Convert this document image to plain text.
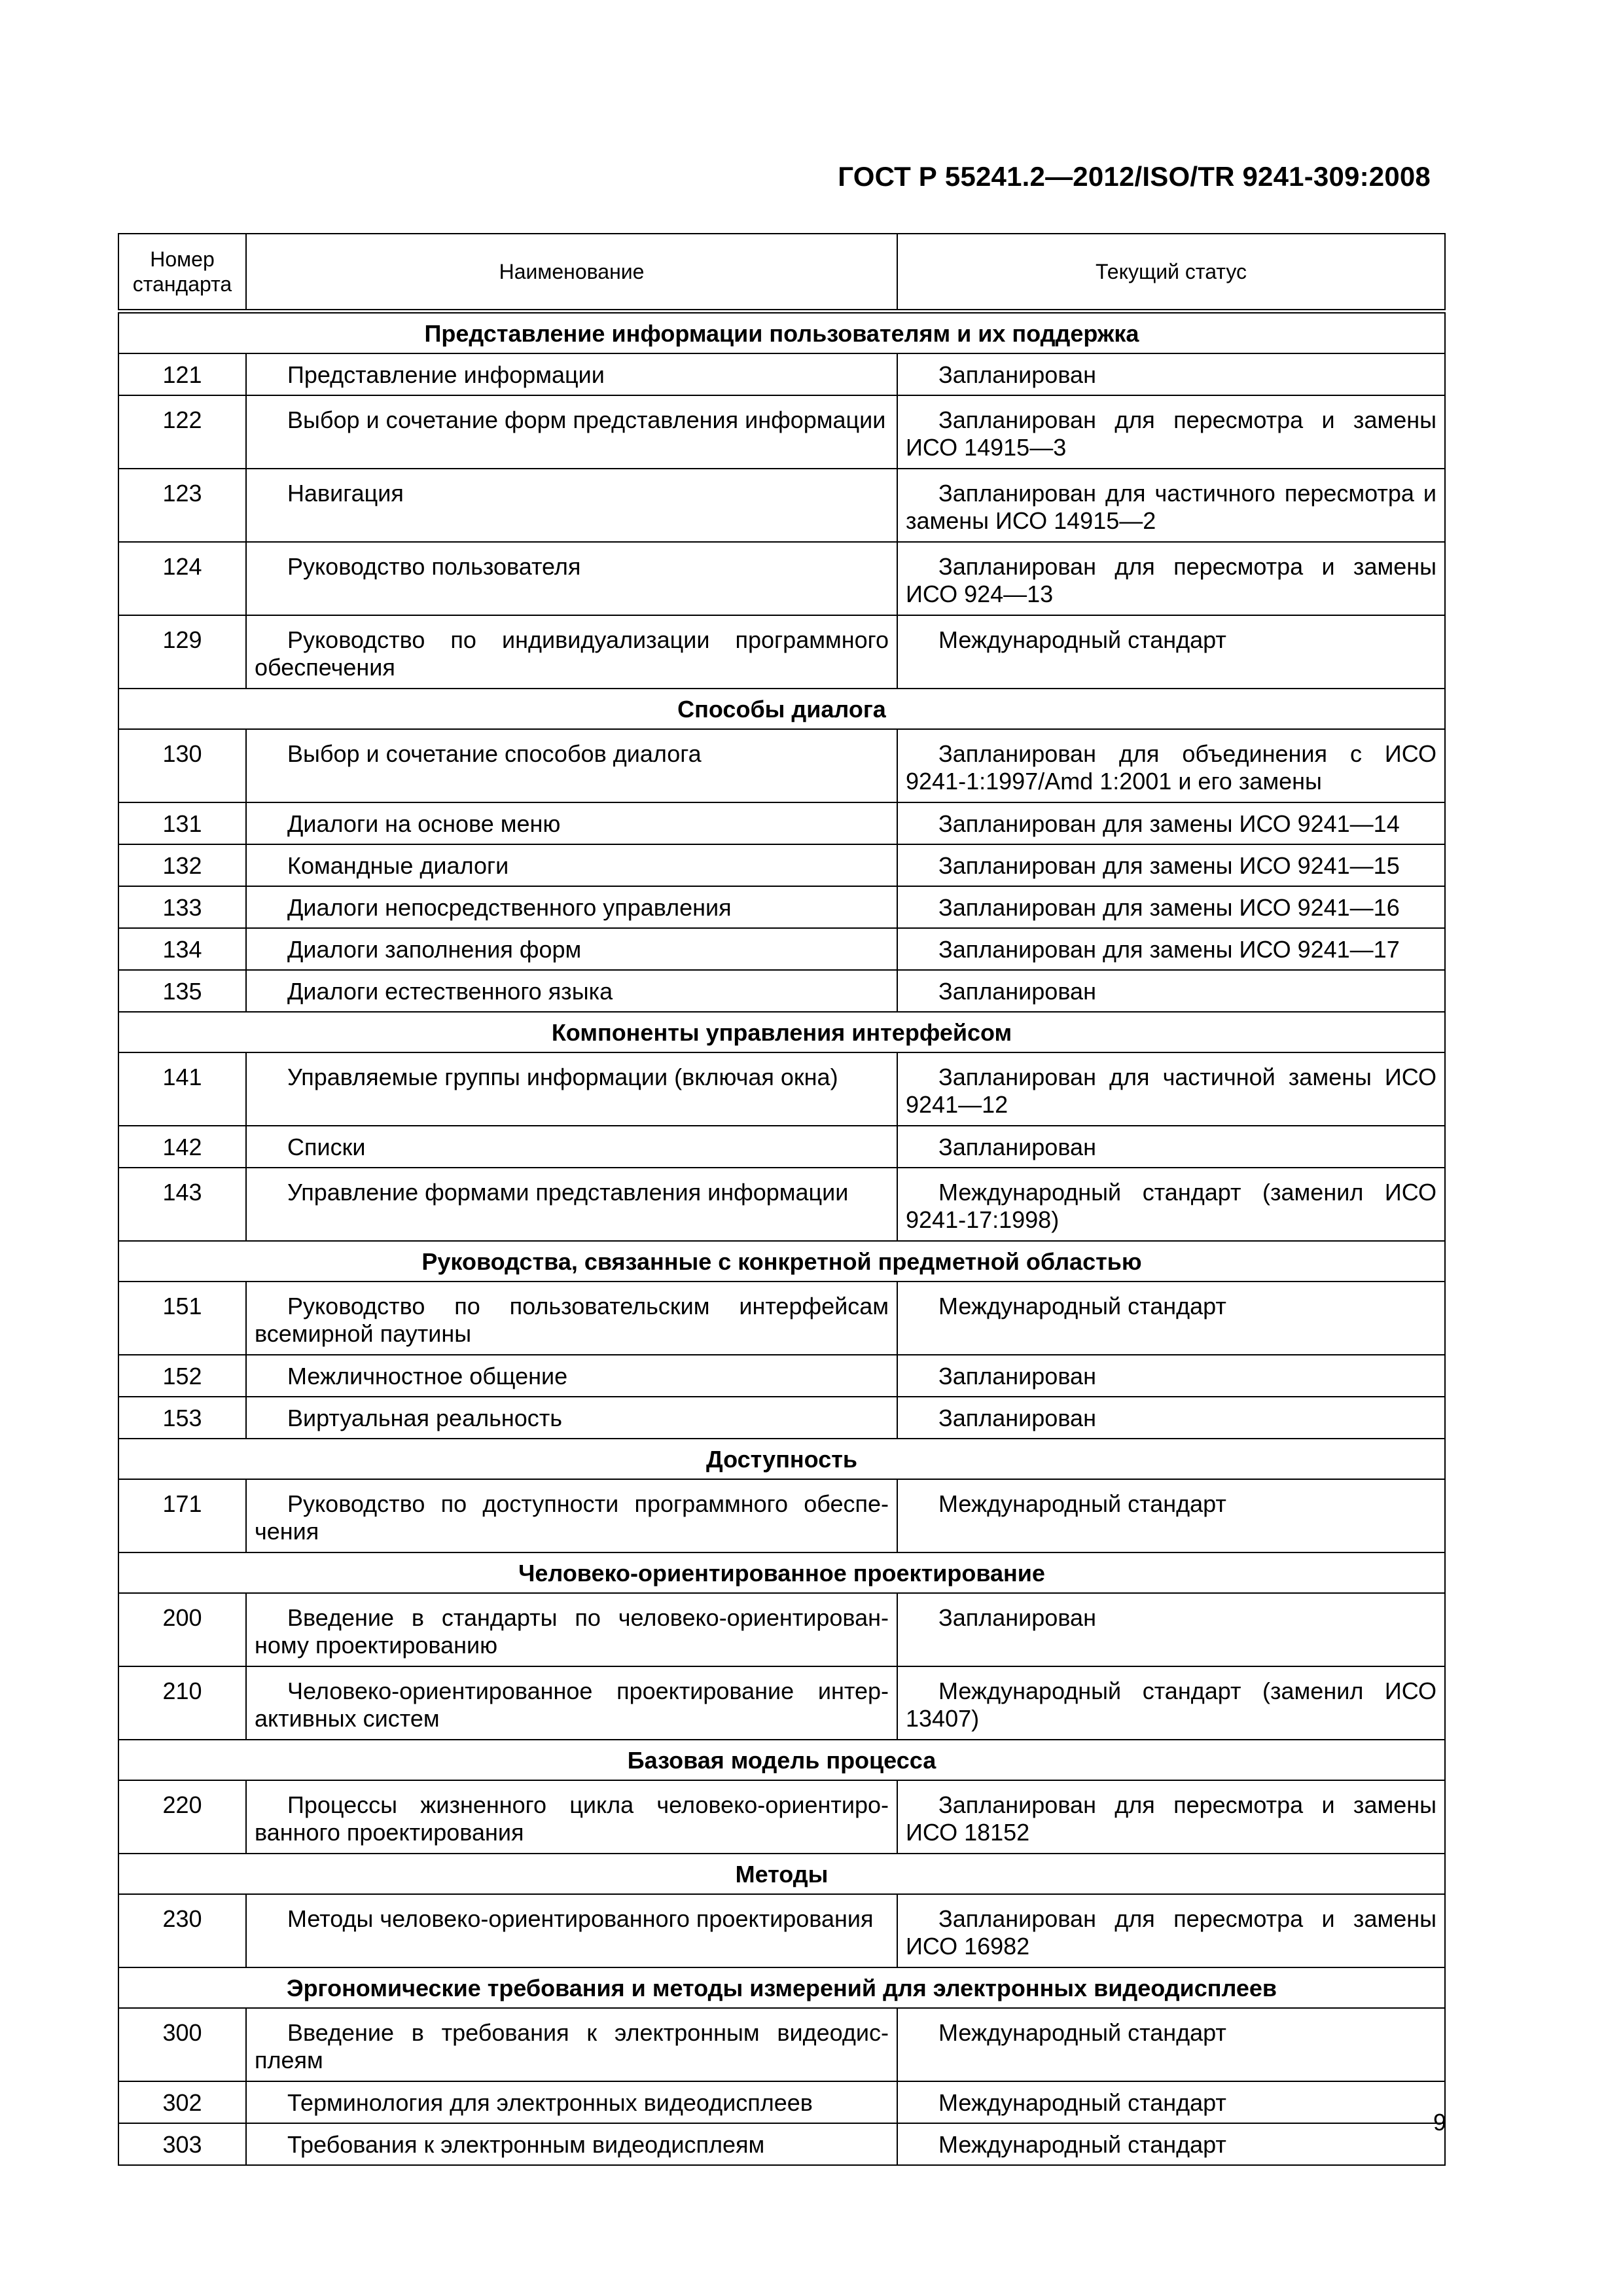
ГОСТ Р 55241.2—2012/ISO/TR 9241-309:2008
Номер
стандарта	Наименование	Текущий статус
Представление информации пользователям и их поддержка		
121	Представление информации	Запланирован
122	Выбор и сочетание форм представления информации	Запланирован для пересмотра и замены ИСО 14915—3
123	Навигация	Запланирован для частичного пересмотра и замены ИСО 14915—2
124	Руководство пользователя	Запланирован для пересмотра и замены ИСО 924—13
129	Руководство по индивидуализации программного обеспечения	Международный стандарт
Способы диалога		
130	Выбор и сочетание способов диалога	Запланирован для объединения с ИСО 9241-1:1997/Amd 1:2001 и его замены
131	Диалоги на основе меню	Запланирован для замены ИСО 9241—14
132	Командные диалоги	Запланирован для замены ИСО 9241—15
133	Диалоги непосредственного управления	Запланирован для замены ИСО 9241—16
134	Диалоги заполнения форм	Запланирован для замены ИСО 9241—17
135	Диалоги естественного языка	Запланирован
Компоненты управления интерфейсом		
141	Управляемые группы информации (включая окна)	Запланирован для частичной замены ИСО 9241—12
142	Списки	Запланирован
143	Управление формами представления информации	Международный стандарт (заменил ИСО 9241-17:1998)
Руководства, связанные с конкретной предметной областью		
151	Руководство по пользовательским интерфейсам всемирной паутины	Международный стандарт
152	Межличностное общение	Запланирован
153	Виртуальная реальность	Запланирован
Доступность		
171	Руководство по доступности программного обеспечения	Международный стандарт
Человеко-ориентированное проектирование		
200	Введение в стандарты по человеко-ориентированному проектированию	Запланирован
210	Человеко-ориентированное проектирование интерактивных систем	Международный стандарт (заменил ИСО 13407)
Базовая модель процесса		
220	Процессы жизненного цикла человеко-ориентированного проектирования	Запланирован для пересмотра и замены ИСО 18152
Методы		
230	Методы человеко-ориентированного проектирования	Запланирован для пересмотра и замены ИСО 16982
Эргономические требования и методы измерений для электронных видеодисплеев		
300	Введение в требования к электронным видеодисплеям	Международный стандарт
302	Терминология для электронных видеодисплеев	Международный стандарт
303	Требования к электронным видеодисплеям	Международный стандарт
9
